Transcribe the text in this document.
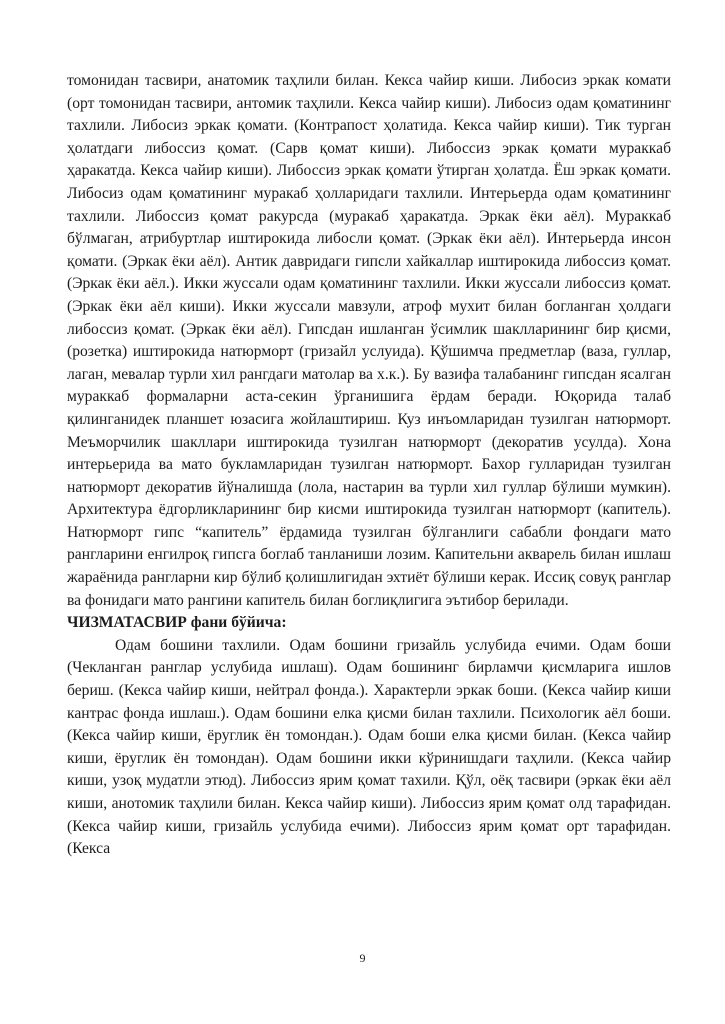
томонидан тасвири, анатомик таҳлили билан. Кекса чайир киши. Либосиз эркак комати (орт томонидан тасвири, антомик таҳлили. Кекса чайир киши). Либосиз одам қоматининг тахлили. Либосиз эркак қомати. (Контрапост ҳолатида. Кекса чайир киши). Тик турган ҳолатдаги либоссиз қомат. (Сарв қомат киши). Либоссиз эркак қомати мураккаб ҳаракатда. Кекса чайир киши). Либоссиз эркак қомати ўтирган ҳолатда. Ёш эркак қомати. Либосиз одам қоматининг муракаб ҳолларидаги тахлили. Интерьерда одам қоматининг тахлили. Либоссиз қомат ракурсда (муракаб ҳаракатда. Эркак ёки аёл). Мураккаб бўлмаган, атрибуртлар иштирокида либосли қомат. (Эркак ёки аёл). Интерьерда инсон қомати. (Эркак ёки аёл). Антик давридаги гипсли хайкаллар иштирокида либоссиз қомат. (Эркак ёки аёл.). Икки жуссали одам қоматининг тахлили. Икки жуссали либоссиз қомат. (Эркак ёки аёл киши). Икки жуссали мавзули, атроф мухит билан богланган ҳолдаги либоссиз қомат. (Эркак ёки аёл). Гипсдан ишланган ўсимлик шаклларининг бир қисми, (розетка) иштирокида натюрморт (гризайл услуида). Қўшимча предметлар (ваза, гуллар, лаган, мевалар турли хил рангдаги матолар ва х.к.). Бу вазифа талабанинг гипсдан ясалган мураккаб формаларни аста-секин ўрганишига ёрдам беради. Юқорида талаб қилинганидек планшет юзасига жойлаштириш. Куз инъомларидан тузилган натюрморт. Меъморчилик шакллари иштирокида тузилган натюрморт (декоратив усулда). Хона интерьерида ва мато букламларидан тузилган натюрморт. Бахор гулларидан тузилган натюрморт декоратив йўналишда (лола, настарин ва турли хил гуллар бўлиши мумкин). Архитектура ёдгорликларининг бир кисми иштирокида тузилган натюрморт (капитель). Натюрморт гипс “капитель” ёрдамида тузилган бўлганлиги сабабли фондаги мато рангларини енгилроқ гипсга боглаб танланиши лозим. Капительни акварель билан ишлаш жараёнида рангларни кир бўлиб қолишлигидан эхтиёт бўлиши керак. Иссиқ совуқ ранглар ва фонидаги мато рангини капитель билан боглиқлигига эътибор берилади.

ЧИЗМАТАСВИР фани бўйича:

Одам бошини тахлили. Одам бошини гризайль услубида ечими. Одам боши (Чекланган ранглар услубида ишлаш). Одам бошининг бирламчи қисмларига ишлов бериш. (Кекса чайир киши, нейтрал фонда.). Характерли эркак боши. (Кекса чайир киши кантрас фонда ишлаш.). Одам бошини елка қисми билан тахлили. Психологик аёл боши. (Кекса чайир киши, ёруглик ён томондан.). Одам боши елка қисми билан. (Кекса чайир киши, ёруглик ён томондан). Одам бошини икки кўринишдаги таҳлили. (Кекса чайир киши, узоқ мудатли этюд). Либоссиз ярим қомат тахили. Қўл, оёқ тасвири (эркак ёки аёл киши, анотомик таҳлили билан. Кекса чайир киши). Либоссиз ярим қомат олд тарафидан. (Кекса чайир киши, гризайль услубида ечими). Либоссиз ярим қомат орт тарафидан. (Кекса

9
